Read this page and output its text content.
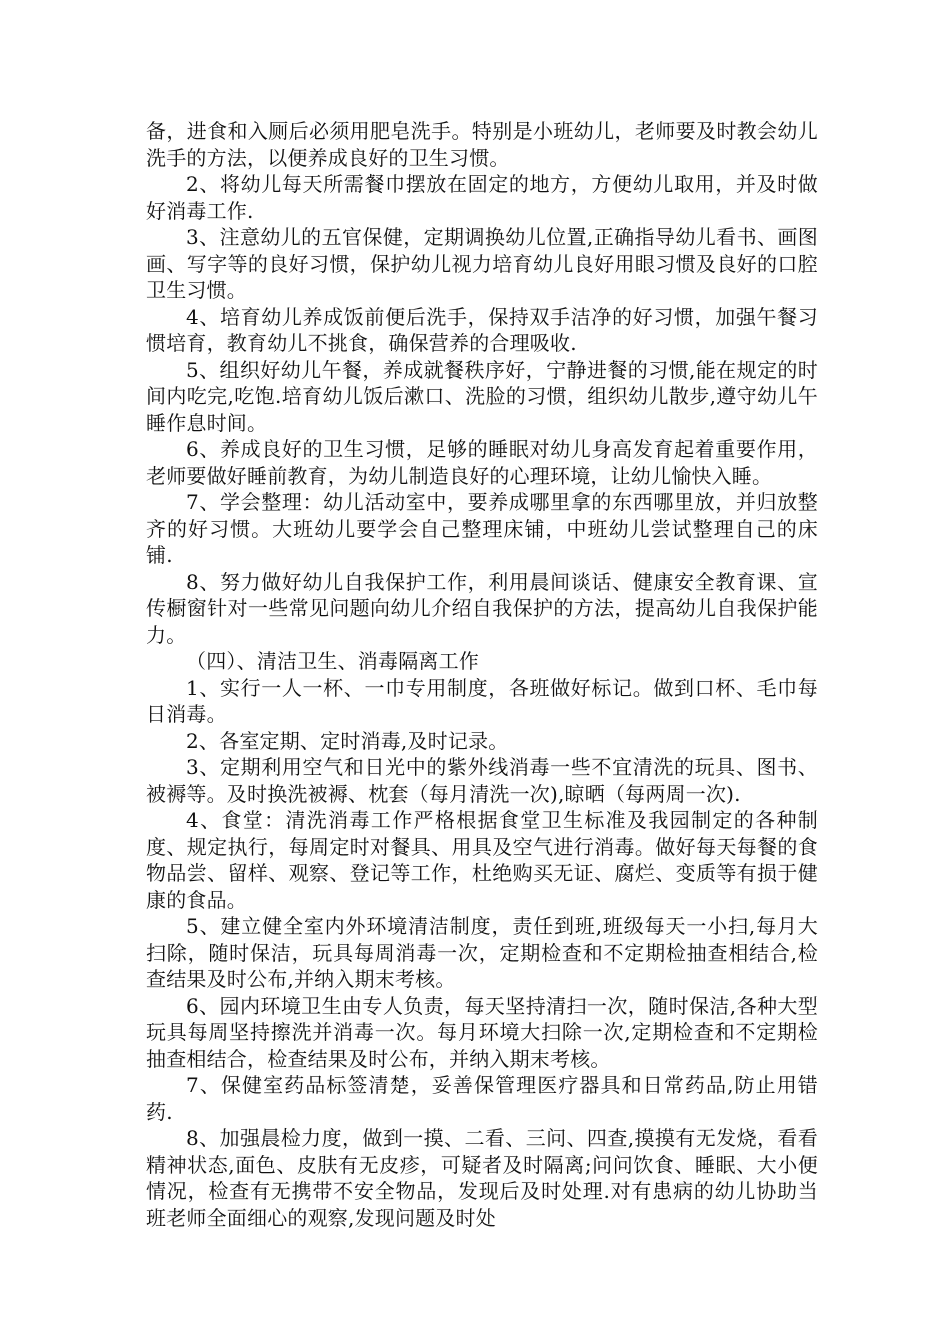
备，进食和入厕后必须用肥皂洗手。特别是小班幼儿，老师要及时教会幼儿洗手的方法，以便养成良好的卫生习惯。

2、将幼儿每天所需餐巾摆放在固定的地方，方便幼儿取用，并及时做好消毒工作.

3、注意幼儿的五官保健，定期调换幼儿位置,正确指导幼儿看书、画图画、写字等的良好习惯，保护幼儿视力培育幼儿良好用眼习惯及良好的口腔卫生习惯。

4、培育幼儿养成饭前便后洗手，保持双手洁净的好习惯，加强午餐习惯培育，教育幼儿不挑食，确保营养的合理吸收.

5、组织好幼儿午餐，养成就餐秩序好，宁静进餐的习惯,能在规定的时间内吃完,吃饱.培育幼儿饭后漱口、洗脸的习惯，组织幼儿散步,遵守幼儿午睡作息时间。

6、养成良好的卫生习惯，足够的睡眠对幼儿身高发育起着重要作用，老师要做好睡前教育，为幼儿制造良好的心理环境，让幼儿愉快入睡。

7、学会整理：幼儿活动室中，要养成哪里拿的东西哪里放，并归放整齐的好习惯。大班幼儿要学会自己整理床铺，中班幼儿尝试整理自己的床铺.

8、努力做好幼儿自我保护工作，利用晨间谈话、健康安全教育课、宣传橱窗针对一些常见问题向幼儿介绍自我保护的方法，提高幼儿自我保护能力。

（四）、清洁卫生、消毒隔离工作

1、实行一人一杯、一巾专用制度，各班做好标记。做到口杯、毛巾每日消毒。

2、各室定期、定时消毒,及时记录。

3、定期利用空气和日光中的紫外线消毒一些不宜清洗的玩具、图书、被褥等。及时换洗被褥、枕套（每月清洗一次),晾晒（每两周一次).

4、食堂：清洗消毒工作严格根据食堂卫生标准及我园制定的各种制度、规定执行，每周定时对餐具、用具及空气进行消毒。做好每天每餐的食物品尝、留样、观察、登记等工作，杜绝购买无证、腐烂、变质等有损于健康的食品。

5、建立健全室内外环境清洁制度，责任到班,班级每天一小扫,每月大扫除，随时保洁，玩具每周消毒一次，定期检查和不定期检抽查相结合,检查结果及时公布,并纳入期末考核。

6、园内环境卫生由专人负责，每天坚持清扫一次，随时保洁,各种大型玩具每周坚持擦洗并消毒一次。每月环境大扫除一次,定期检查和不定期检抽查相结合，检查结果及时公布，并纳入期末考核。

7、保健室药品标签清楚，妥善保管理医疗器具和日常药品,防止用错药.

8、加强晨检力度，做到一摸、二看、三问、四查,摸摸有无发烧，看看精神状态,面色、皮肤有无皮疹，可疑者及时隔离;问问饮食、睡眠、大小便情况，检查有无携带不安全物品，发现后及时处理.对有患病的幼儿协助当班老师全面细心的观察,发现问题及时处
